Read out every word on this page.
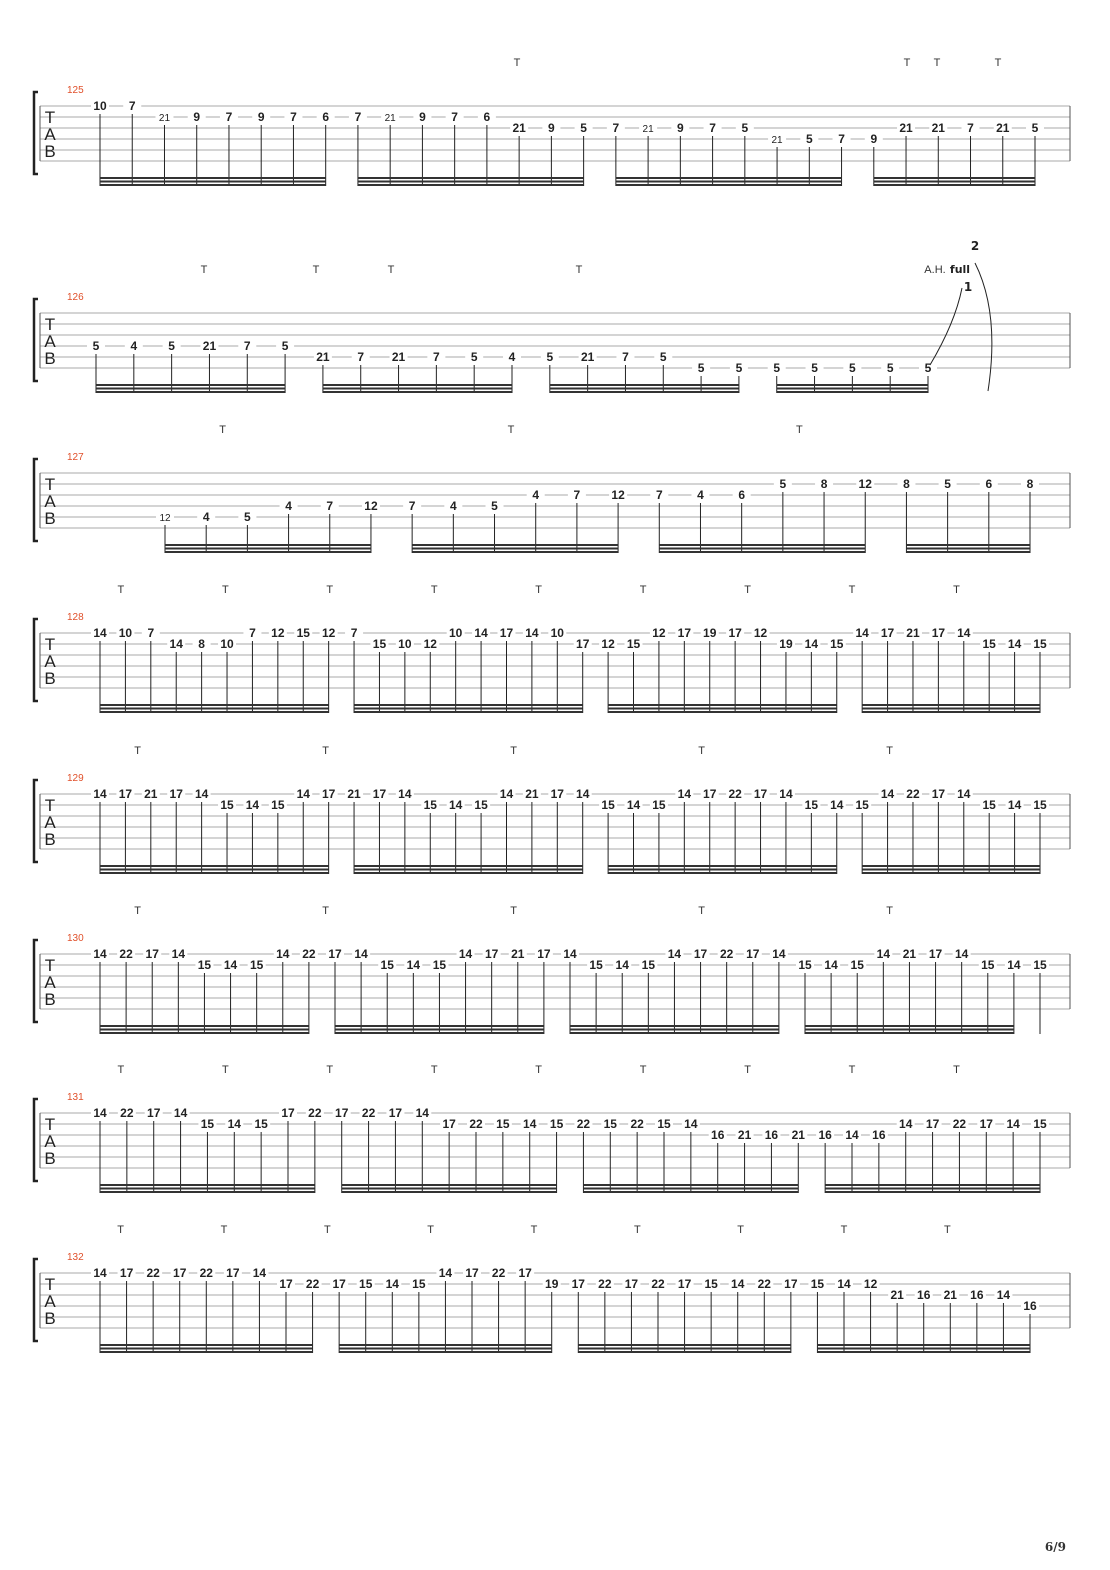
T
A
B
125
T	T T	T
10 7
21 9 7 9 7 6 7 21 9 7 6
21 9 5 7 21 9 7 5
21 5 7 9
21 21 7 21 5
T
A
B
126
T	T	T	T	A.H.
5	4	5 21 7	5
21 7 21 7	5	4	5 21 7	5
5	5	5	5	5	5	5
full
2
1
T
A
B
127
T	T	T
12	4	5
4	7	12	7	4	5
4	7	12	7	4	6
5	8	12	8	5	6	8
T
A
B
128
T	T	T	T	T	T	T	T	T
14 10 7
14 8 10
7 12 15 12 7
15 10 12
10 14 17 14 10
17 12 15
12 17 19 17 12
19 14 15
14 17 21 17 14
15 14 15
T
A
B
129
T	T	T	T	T
14 17 21 17 14
15 14 15
14 17 21 17 14
15 14 15
14 21 17 14
15 14 15
14 17 22 17 14
15 14 15
14 22 17 14
15 14 15
T
A
B
130
T	T	T	T	T
14 22 17 14
15 14 15
14 22 17 14
15 14 15
14 17 21 17 14
15 14 15
14 17 22 17 14
15 14 15
14 21 17 14
15 14 15
T
A
B
131
T	T	T	T	T	T	T	T	T
14 22 17 14
15 14 15
17 22 17 22 17 14
17 22 15 14 15 22 15 22 15 14
16 21 16 21 16 14 16
14 17 22 17 14 15
T
A
B
132
T	T	T	T	T	T	T	T	T
14 17 22 17 22 17 14
17 22 17 15 14 15
14 17 22 17
19 17 22 17 22 17 15 14 22 17 15 14 12
21 16 21 16 14
16
6/9
